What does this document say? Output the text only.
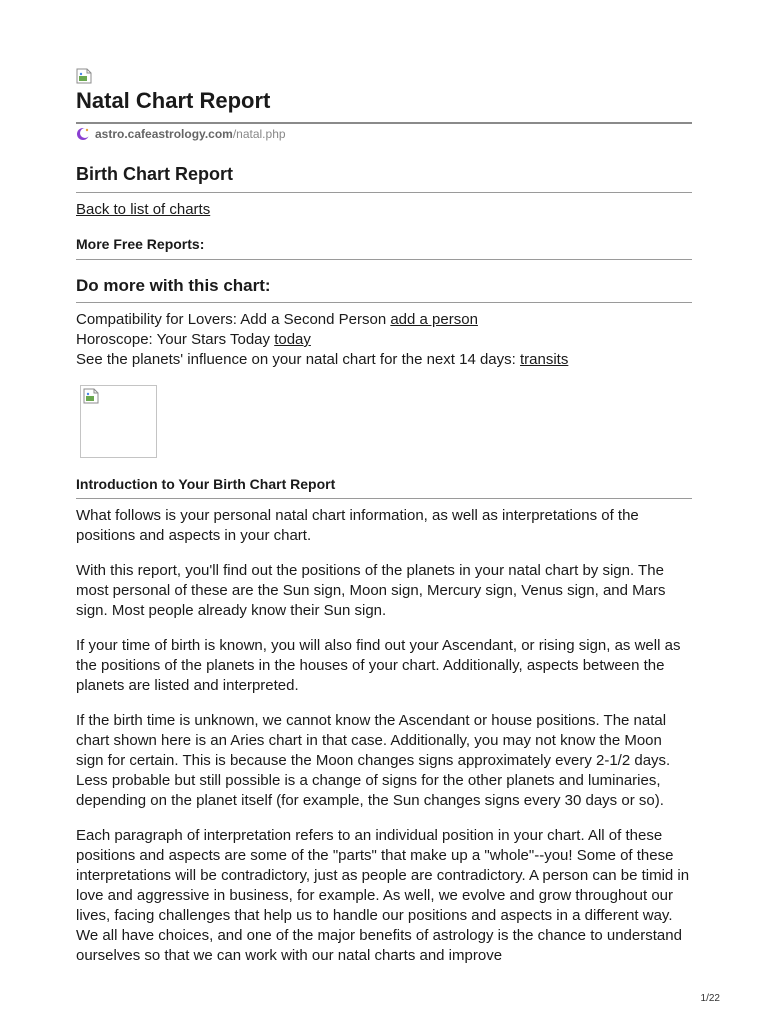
Natal Chart Report
astro.cafeastrology.com /natal.php
Birth Chart Report
Back to list of charts
More Free Reports:
Do more with this chart:
Compatibility for Lovers: Add a Second Person add a person
Horoscope: Your Stars Today today
See the planets' influence on your natal chart for the next 14 days: transits
Introduction to Your Birth Chart Report

What follows is your personal natal chart information, as well as interpretations of the positions and aspects in your chart.

With this report, you'll find out the positions of the planets in your natal chart by sign. The most personal of these are the Sun sign, Moon sign, Mercury sign, Venus sign, and Mars sign. Most people already know their Sun sign.

If your time of birth is known, you will also find out your Ascendant, or rising sign, as well as the positions of the planets in the houses of your chart. Additionally, aspects between the planets are listed and interpreted.

If the birth time is unknown, we cannot know the Ascendant or house positions. The natal chart shown here is an Aries chart in that case. Additionally, you may not know the Moon sign for certain. This is because the Moon changes signs approximately every 2-1/2 days. Less probable but still possible is a change of signs for the other planets and luminaries, depending on the planet itself (for example, the Sun changes signs every 30 days or so).

Each paragraph of interpretation refers to an individual position in your chart. All of these positions and aspects are some of the "parts" that make up a "whole"--you! Some of these interpretations will be contradictory, just as people are contradictory. A person can be timid in love and aggressive in business, for example. As well, we evolve and grow throughout our lives, facing challenges that help us to handle our positions and aspects in a different way. We all have choices, and one of the major benefits of astrology is the chance to understand ourselves so that we can work with our natal charts and improve

1/22
